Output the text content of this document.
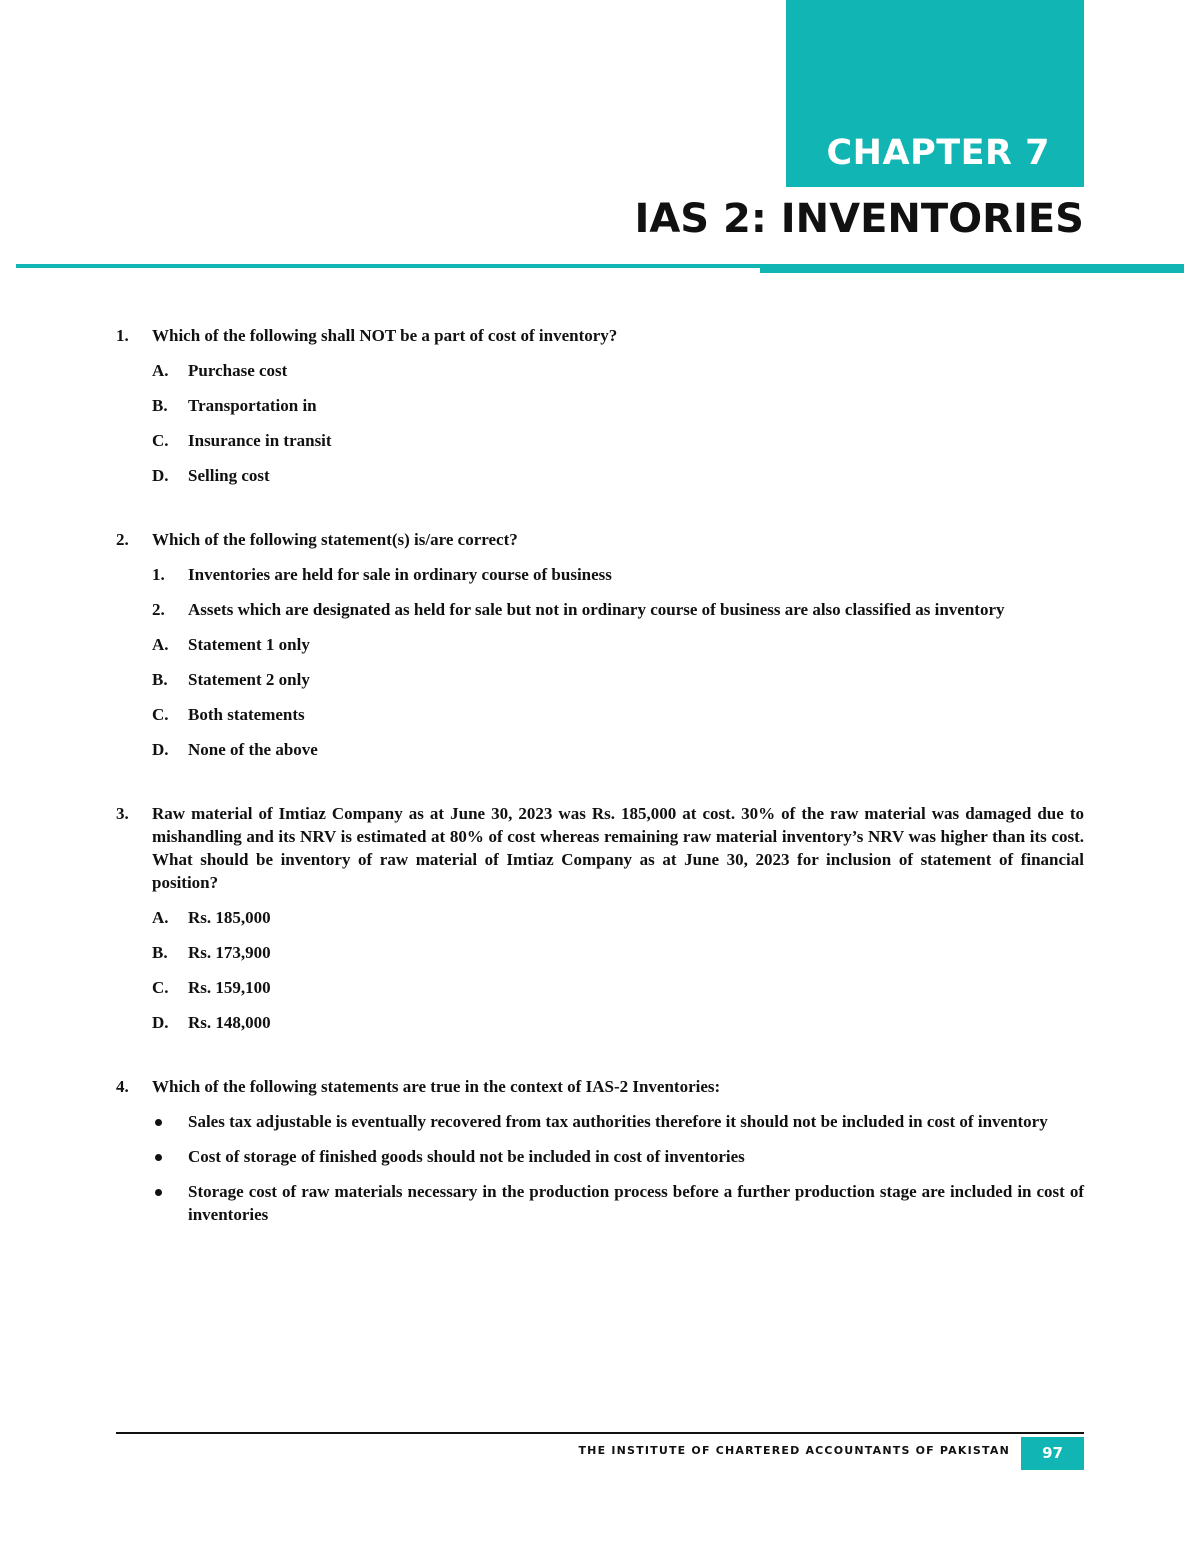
CHAPTER 7
IAS 2: INVENTORIES
1. Which of the following shall NOT be a part of cost of inventory?
A. Purchase cost
B. Transportation in
C. Insurance in transit
D. Selling cost
2. Which of the following statement(s) is/are correct?
1. Inventories are held for sale in ordinary course of business
2. Assets which are designated as held for sale but not in ordinary course of business are also classified as inventory
A. Statement 1 only
B. Statement 2 only
C. Both statements
D. None of the above
3. Raw material of Imtiaz Company as at June 30, 2023 was Rs. 185,000 at cost. 30% of the raw material was damaged due to mishandling and its NRV is estimated at 80% of cost whereas remaining raw material inventory’s NRV was higher than its cost. What should be inventory of raw material of Imtiaz Company as at June 30, 2023 for inclusion of statement of financial position?
A. Rs. 185,000
B. Rs. 173,900
C. Rs. 159,100
D. Rs. 148,000
4. Which of the following statements are true in the context of IAS-2 Inventories:
Sales tax adjustable is eventually recovered from tax authorities therefore it should not be included in cost of inventory
Cost of storage of finished goods should not be included in cost of inventories
Storage cost of raw materials necessary in the production process before a further production stage are included in cost of inventories
THE INSTITUTE OF CHARTERED ACCOUNTANTS OF PAKISTAN	97
